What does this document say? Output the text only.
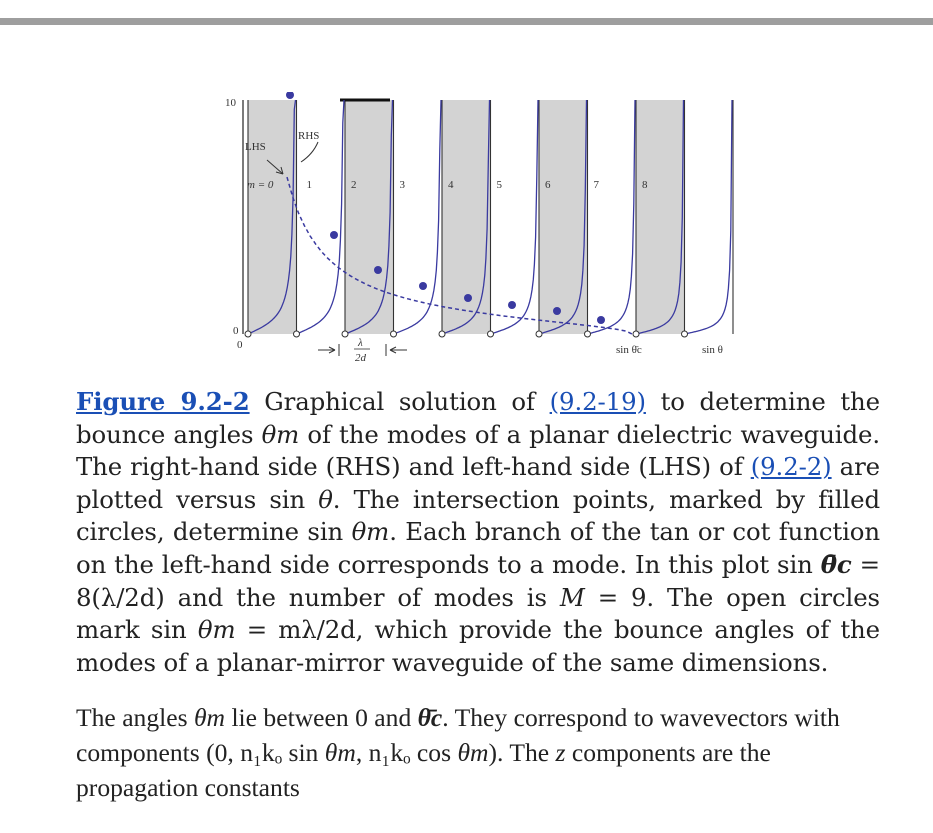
10
0
0
LHS
RHS
m = 0	1	2	3	4	5	6	7	8
λ
2d
sin θ̄c	sin θ
Figure 9.2-2 Graphical solution of (9.2-19) to determine the bounce angles θm of the modes of a planar dielectric waveguide. The right-hand side (RHS) and left-hand side (LHS) of (9.2-2) are plotted versus sin θ. The intersection points, marked by filled circles, determine sin θm. Each branch of the tan or cot function on the left-hand side corresponds to a mode. In this plot sin θ̄c = 8(λ/2d) and the number of modes is M = 9. The open circles mark sin θm = mλ/2d, which provide the bounce angles of the modes of a planar-mirror waveguide of the same dimensions.
The angles θm lie between 0 and θ̄c. They correspond to wavevectors with components (0, n₁kₒ sin θm, n₁kₒ cos θm). The z components are the propagation constants
